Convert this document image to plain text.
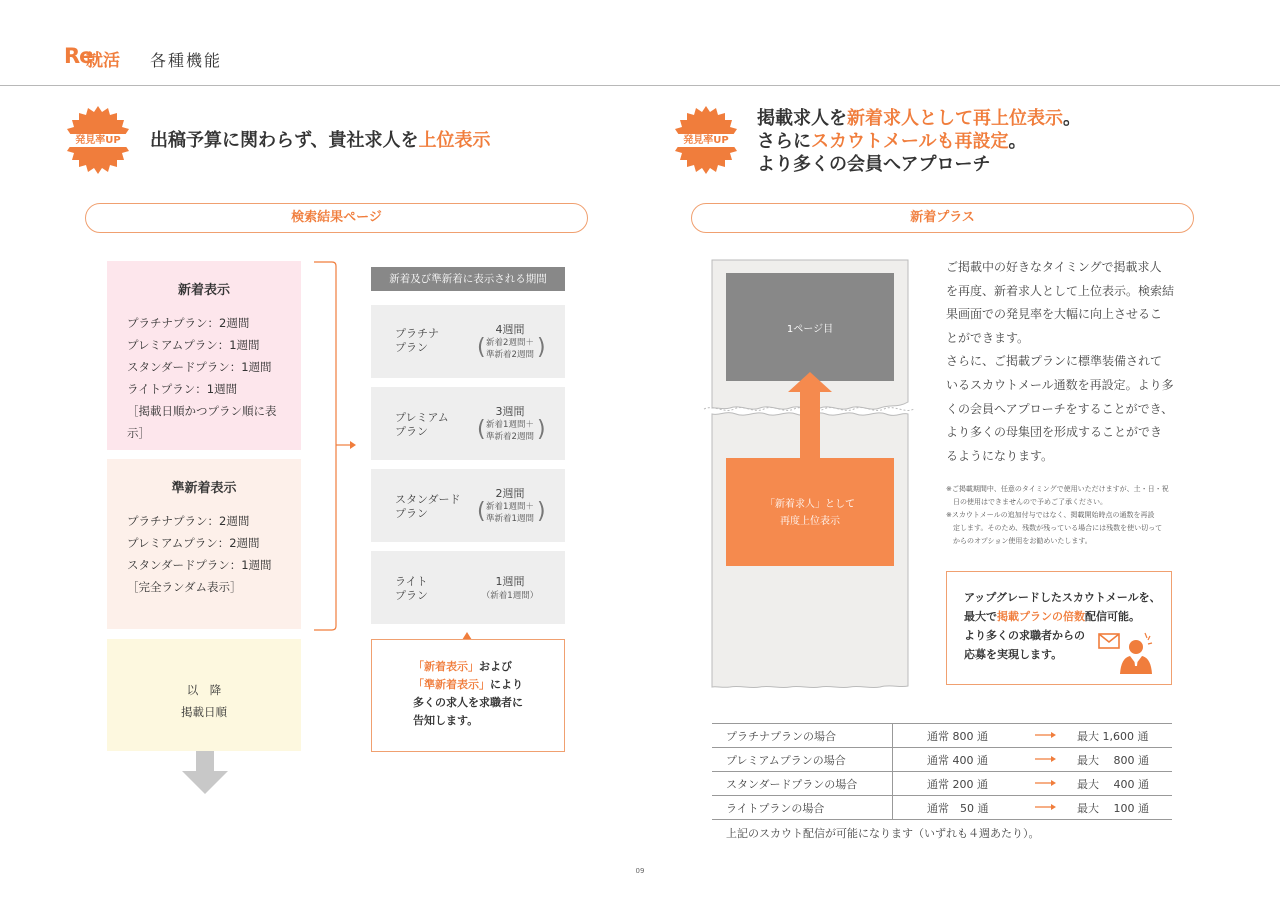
Re
就活 各種機能
発見率UP	出稿予算に関わらず、貴社求人を上位表示
検索結果ページ
新着表示
プラチナプラン：2週間
プレミアムプラン：1週間
スタンダードプラン：1週間
ライトプラン：1週間
［掲載日順かつプラン順に表示］
準新着表示
プラチナプラン：2週間
プレミアムプラン：2週間
スタンダードプラン：1週間
［完全ランダム表示］
以　降
掲載日順
新着及び準新着に表示される期間
プラチナ
プラン	( )
4週間
新着2週間＋
準新着2週間
プレミアム
プラン	( )
3週間
新着1週間＋
準新着2週間
スタンダード
プラン	( )
2週間
新着1週間＋
準新着1週間
ライト
プラン
1週間
（新着1週間）
「新着表示」および
「準新着表示」により
多くの求人を求職者に
告知します。
発見率UP
掲載求人を新着求人として再上位表示。
さらにスカウトメールも再設定。
より多くの会員へアプローチ
新着プラス
1ページ目
「新着求人」として
再度上位表示
ご掲載中の好きなタイミングで掲載求人
を再度、新着求人として上位表示。検索結
果画面での発見率を大幅に向上させるこ
とができます。
さらに、ご掲載プランに標準装備されて
いるスカウトメール通数を再設定。より多
くの会員へアプローチをすることができ、
より多くの母集団を形成することができ
るようになります。
※ご掲載期間中、任意のタイミングで使用いただけますが、土・日・祝
　日の使用はできませんので予めご了承ください。
※スカウトメールの追加付与ではなく、掲載開始時点の通数を再設
　定します。そのため、残数が残っている場合には残数を使い切って
　からのオプション使用をお勧めいたします。
アップグレードしたスカウトメールを、
最大で掲載プランの倍数配信可能。
より多くの求職者からの
応募を実現します。
プラチナプランの場合	通常 800 通		最大 1,600 通
プレミアムプランの場合	通常 400 通		最大　 800 通
スタンダードプランの場合	通常 200 通		最大　 400 通
ライトプランの場合	通常　50 通		最大　 100 通
上記のスカウト配信が可能になります（いずれも４週あたり）。
09
